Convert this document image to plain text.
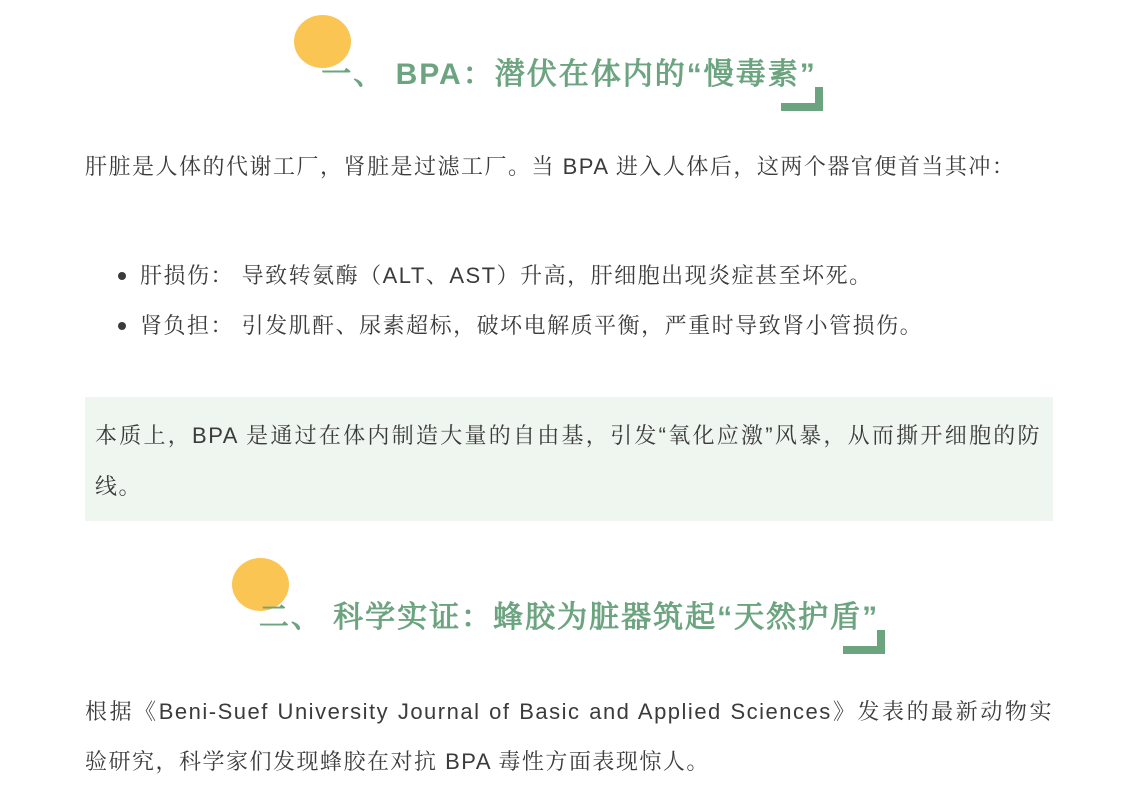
一、 BPA：潜伏在体内的“慢毒素”

肝脏是人体的代谢工厂，肾脏是过滤工厂。当 BPA 进入人体后，这两个器官便首当其冲：

肝损伤： 导致转氨酶（ALT、AST）升高，肝细胞出现炎症甚至坏死。
肾负担： 引发肌酐、尿素超标，破坏电解质平衡，严重时导致肾小管损伤。

本质上，BPA 是通过在体内制造大量的自由基，引发“氧化应激”风暴，从而撕开细胞的防线。

二、 科学实证：蜂胶为脏器筑起“天然护盾”

根据《Beni-Suef University Journal of Basic and Applied Sciences》发表的最新动物实验研究，科学家们发现蜂胶在对抗 BPA 毒性方面表现惊人。
